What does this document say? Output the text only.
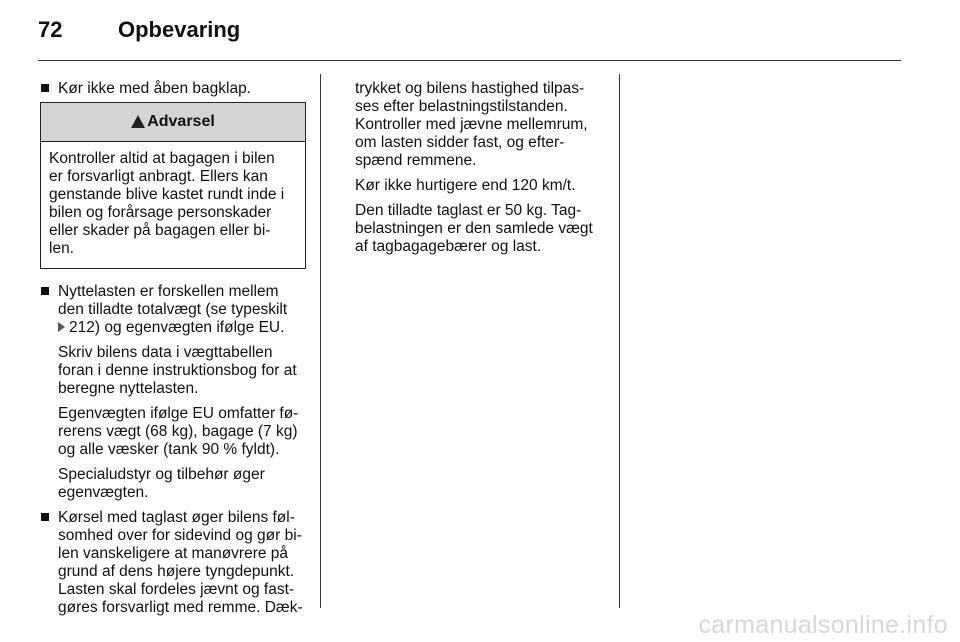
72	Opbevaring
Kør ikke med åben bagklap.
Advarsel
Kontroller altid at bagagen i bilen
er forsvarligt anbragt. Ellers kan
genstande blive kastet rundt inde i
bilen og forårsage personskader
eller skader på bagagen eller bi-
len.
Nyttelasten er forskellen mellem
den tilladte totalvægt (se typeskilt
212) og egenvægten ifølge EU.
Skriv bilens data i vægttabellen
foran i denne instruktionsbog for at
beregne nyttelasten.
Egenvægten ifølge EU omfatter fø-
rerens vægt (68 kg), bagage (7 kg)
og alle væsker (tank 90 % fyldt).
Specialudstyr og tilbehør øger
egenvægten.
Kørsel med taglast øger bilens føl-
somhed over for sidevind og gør bi-
len vanskeligere at manøvrere på
grund af dens højere tyngdepunkt.
Lasten skal fordeles jævnt og fast-
gøres forsvarligt med remme. Dæk-
trykket og bilens hastighed tilpas-
ses efter belastningstilstanden.
Kontroller med jævne mellemrum,
om lasten sidder fast, og efter-
spænd remmene.
Kør ikke hurtigere end 120 km/t.
Den tilladte taglast er 50 kg. Tag-
belastningen er den samlede vægt
af tagbagagebærer og last.
carmanualsonline.info
